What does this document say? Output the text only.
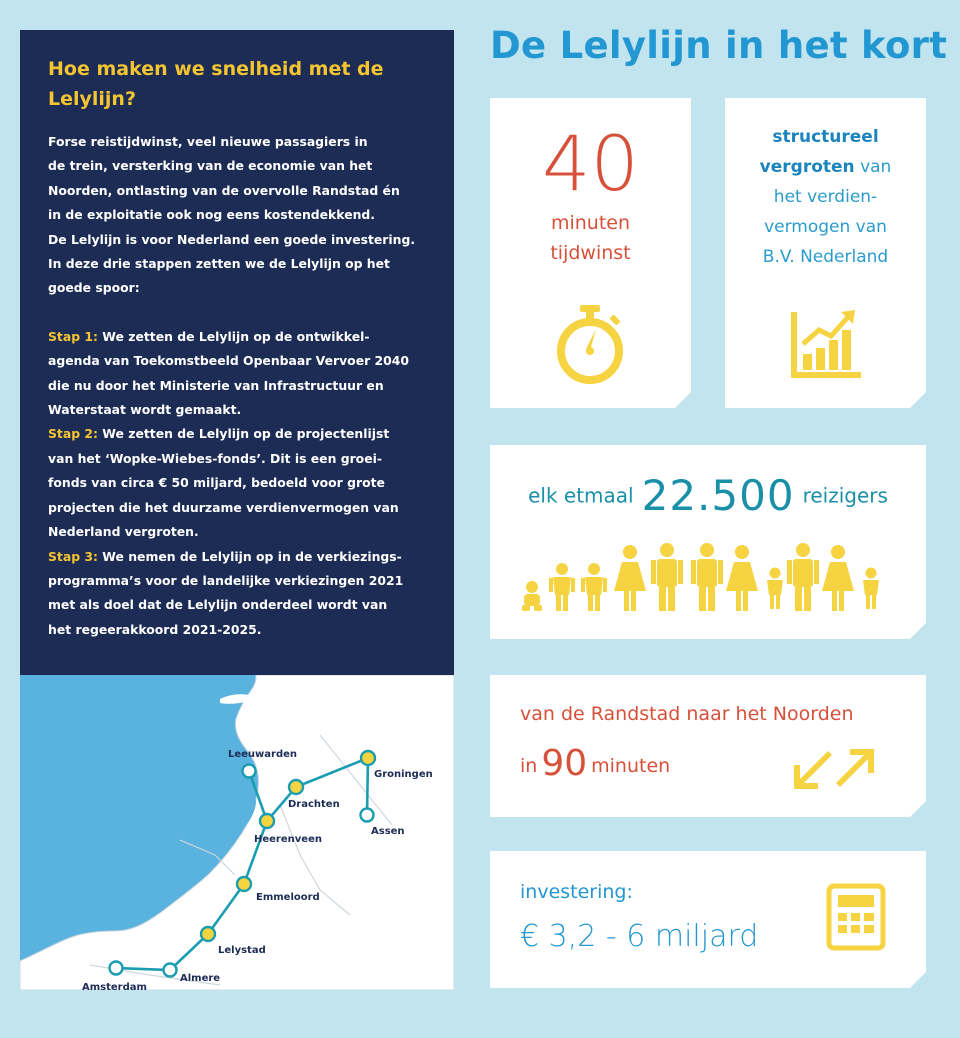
Hoe maken we snelheid met de Lelylijn?

Forse reistijdwinst, veel nieuwe passagiers in

de trein, versterking van de economie van het

Noorden, ontlasting van de overvolle Randstad én

in de exploitatie ook nog eens kostendekkend.

De Lelylijn is voor Nederland een goede investering.

In deze drie stappen zetten we de Lelylijn op het

goede spoor:

Stap 1: We zetten de Lelylijn op de ontwikkel-

agenda van Toekomstbeeld Openbaar Vervoer 2040

die nu door het Ministerie van Infrastructuur en

Waterstaat wordt gemaakt.

Stap 2: We zetten de Lelylijn op de projectenlijst

van het ‘Wopke-Wiebes-fonds’. Dit is een groei-

fonds van circa € 50 miljard, bedoeld voor grote

projecten die het duurzame verdienvermogen van

Nederland vergroten.

Stap 3: We nemen de Lelylijn op in de verkiezings-

programma’s voor de landelijke verkiezingen 2021

met als doel dat de Lelylijn onderdeel wordt van

het regeerakkoord 2021-2025.

Leeuwarden
Groningen
Drachten
Heerenveen
Assen
Emmeloord
Lelystad
Almere
Amsterdam
De Lelylijn in het kort
40
minuten
tijdwinst
structureel
vergroten van
het verdien-
vermogen van
B.V. Nederland
elk etmaal 22.500 reizigers
van de Randstad naar het Noorden
in 90 minuten
investering:
€ 3,2 - 6 miljard
